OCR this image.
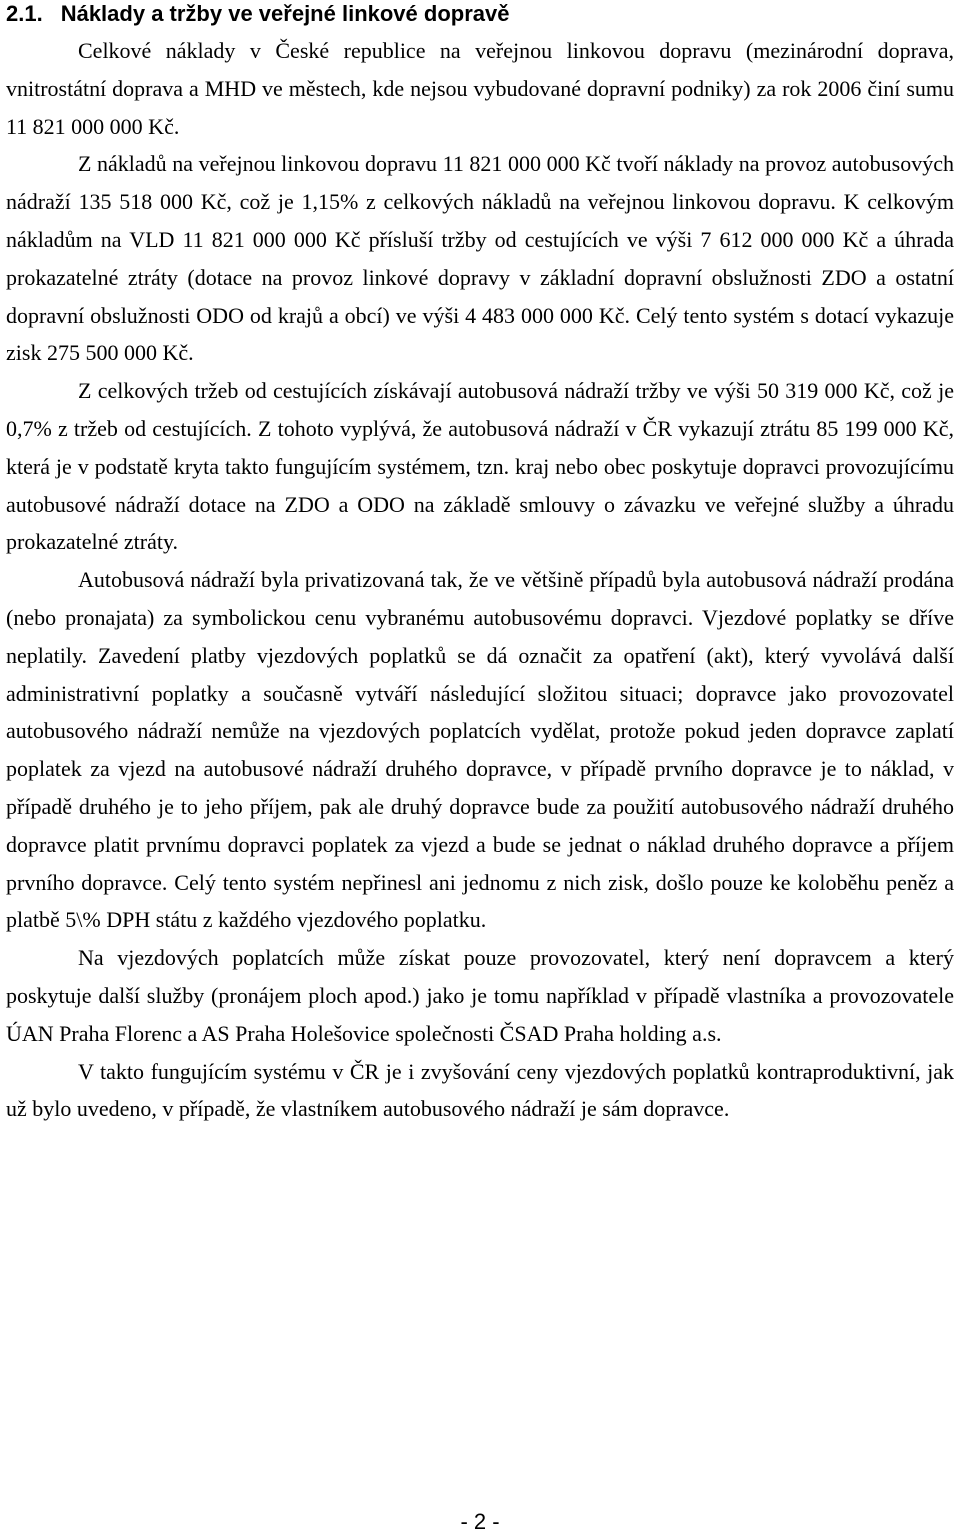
2.1. Náklady a tržby ve veřejné linkové dopravě

Celkové náklady v České republice na veřejnou linkovou dopravu (mezinárodní doprava, vnitrostátní doprava a MHD ve městech, kde nejsou vybudované dopravní podniky) za rok 2006 činí sumu 11 821 000 000 Kč.

Z nákladů na veřejnou linkovou dopravu 11 821 000 000 Kč tvoří náklady na provoz autobusových nádraží 135 518 000 Kč, což je 1,15% z celkových nákladů na veřejnou linkovou dopravu. K celkovým nákladům na VLD 11 821 000 000 Kč přísluší tržby od cestujících ve výši 7 612 000 000 Kč a úhrada prokazatelné ztráty (dotace na provoz linkové dopravy v základní dopravní obslužnosti ZDO a ostatní dopravní obslužnosti ODO od krajů a obcí) ve výši 4 483 000 000 Kč. Celý tento systém s dotací vykazuje zisk 275 500 000 Kč.

Z celkových tržeb od cestujících získávají autobusová nádraží tržby ve výši 50 319 000 Kč, což je 0,7% z tržeb od cestujících. Z tohoto vyplývá, že autobusová nádraží v ČR vykazují ztrátu 85 199 000 Kč, která je v podstatě kryta takto fungujícím systémem, tzn. kraj nebo obec poskytuje dopravci provozujícímu autobusové nádraží dotace na ZDO a ODO na základě smlouvy o závazku ve veřejné služby a úhradu prokazatelné ztráty.

Autobusová nádraží byla privatizovaná tak, že ve většině případů byla autobusová nádraží prodána (nebo pronajata) za symbolickou cenu vybranému autobusovému dopravci. Vjezdové poplatky se dříve neplatily. Zavedení platby vjezdových poplatků se dá označit za opatření (akt), který vyvolává další administrativní poplatky a současně vytváří následující složitou situaci; dopravce jako provozovatel autobusového nádraží nemůže na vjezdových poplatcích vydělat, protože pokud jeden dopravce zaplatí poplatek za vjezd na autobusové nádraží druhého dopravce, v případě prvního dopravce je to náklad, v případě druhého je to jeho příjem, pak ale druhý dopravce bude za použití autobusového nádraží druhého dopravce platit prvnímu dopravci poplatek za vjezd a bude se jednat o náklad druhého dopravce a příjem prvního dopravce. Celý tento systém nepřinesl ani jednomu z nich zisk, došlo pouze ke koloběhu peněz a platbě 5\% DPH státu z každého vjezdového poplatku.

Na vjezdových poplatcích může získat pouze provozovatel, který není dopravcem a který poskytuje další služby (pronájem ploch apod.) jako je tomu například v případě vlastníka a provozovatele ÚAN Praha Florenc a AS Praha Holešovice společnosti ČSAD Praha holding a.s.

V takto fungujícím systému v ČR je i zvyšování ceny vjezdových poplatků kontraproduktivní, jak už bylo uvedeno, v případě, že vlastníkem autobusového nádraží je sám dopravce.

- 2 -
